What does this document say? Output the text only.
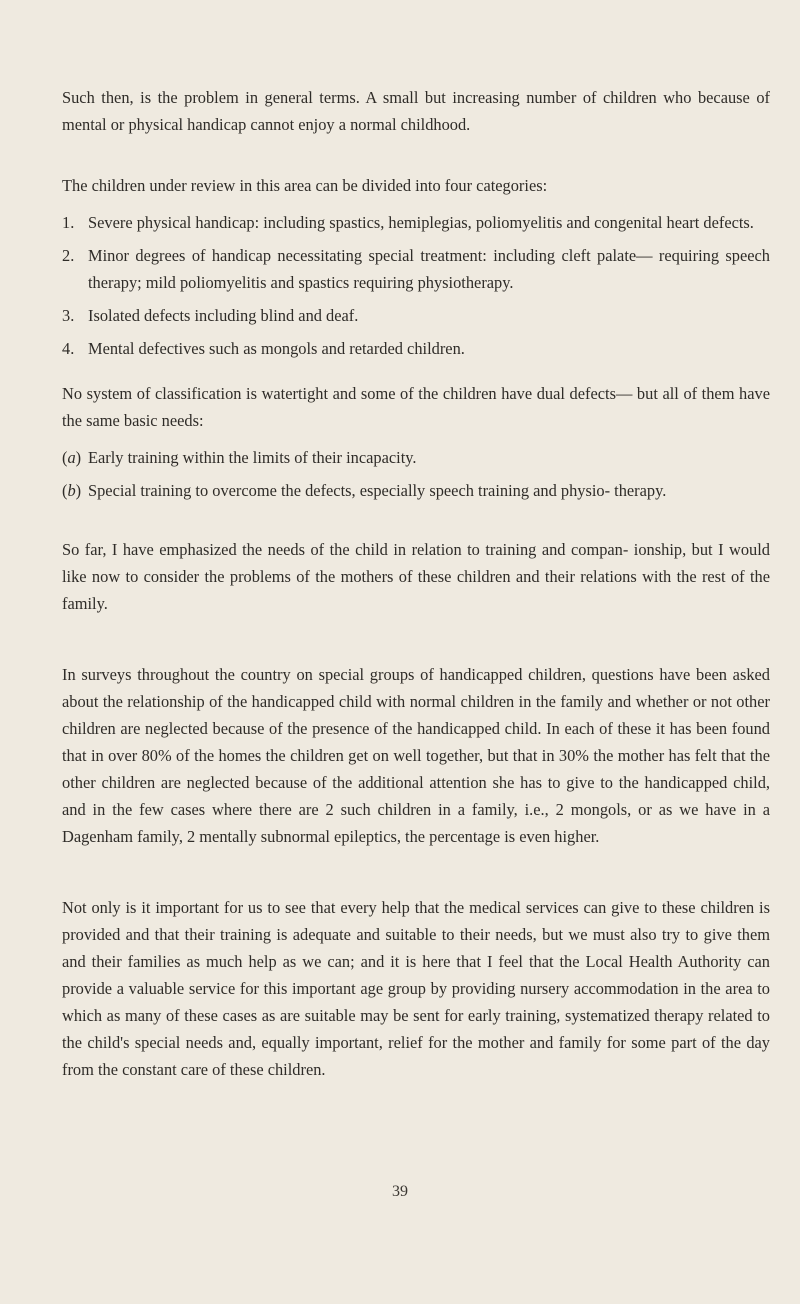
Such then, is the problem in general terms. A small but increasing number of children who because of mental or physical handicap cannot enjoy a normal childhood.

The children under review in this area can be divided into four categories:

1. Severe physical handicap: including spastics, hemiplegias, poliomyelitis and congenital heart defects.
2. Minor degrees of handicap necessitating special treatment: including cleft palate— requiring speech therapy; mild poliomyelitis and spastics requiring physiotherapy.
3. Isolated defects including blind and deaf.
4. Mental defectives such as mongols and retarded children.

No system of classification is watertight and some of the children have dual defects— but all of them have the same basic needs:

(a) Early training within the limits of their incapacity.
(b) Special training to overcome the defects, especially speech training and physio- therapy.

So far, I have emphasized the needs of the child in relation to training and compan- ionship, but I would like now to consider the problems of the mothers of these children and their relations with the rest of the family.

In surveys throughout the country on special groups of handicapped children, questions have been asked about the relationship of the handicapped child with normal children in the family and whether or not other children are neglected because of the presence of the handicapped child. In each of these it has been found that in over 80% of the homes the children get on well together, but that in 30% the mother has felt that the other children are neglected because of the additional attention she has to give to the handicapped child, and in the few cases where there are 2 such children in a family, i.e., 2 mongols, or as we have in a Dagenham family, 2 mentally subnormal epileptics, the percentage is even higher.

Not only is it important for us to see that every help that the medical services can give to these children is provided and that their training is adequate and suitable to their needs, but we must also try to give them and their families as much help as we can; and it is here that I feel that the Local Health Authority can provide a valuable service for this important age group by providing nursery accommodation in the area to which as many of these cases as are suitable may be sent for early training, systematized therapy related to the child's special needs and, equally important, relief for the mother and family for some part of the day from the constant care of these children.

39
